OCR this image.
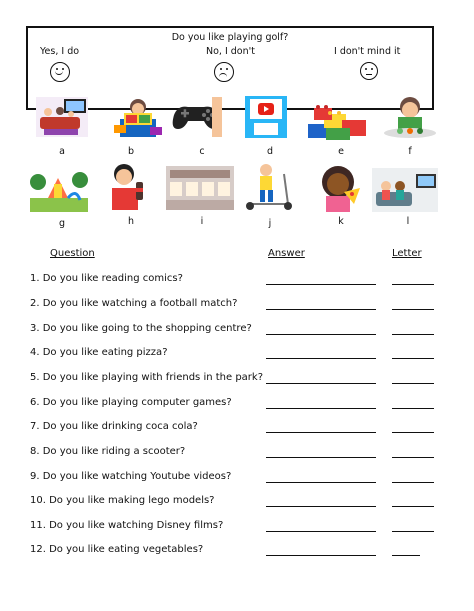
Do you like playing golf?
Yes, I do	No, I don't	I don't mind it
a	b	c	d	e	f
g	h	i	j	k	l
Question	Answer	Letter
1. Do you like reading comics?
2. Do you like watching a football match?
3. Do you like going to the shopping centre?
4. Do you like eating pizza?
5. Do you like playing with friends in the park?
6. Do you like playing computer games?
7. Do you like drinking coca cola?
8. Do you like riding a scooter?
9. Do you like watching Youtube videos?
10. Do you like making lego models?
11. Do you like watching Disney films?
12. Do you like eating vegetables?
